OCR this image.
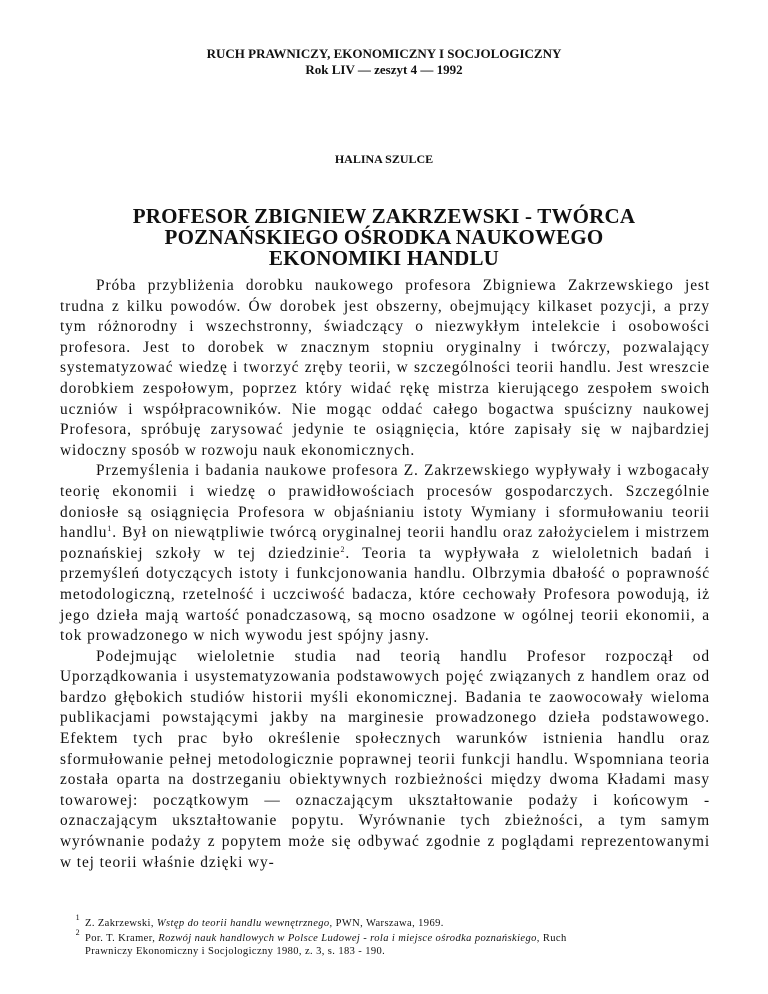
RUCH PRAWNICZY, EKONOMICZNY I SOCJOLOGICZNY
Rok LIV — zeszyt 4 — 1992
HALINA SZULCE
PROFESOR ZBIGNIEW ZAKRZEWSKI - TWÓRCA
POZNAŃSKIEGO OŚRODKA NAUKOWEGO
EKONOMIKI HANDLU

Próba przybliżenia dorobku naukowego profesora Zbigniewa Zakrzewskiego jest trudna z kilku powodów. Ów dorobek jest obszerny, obejmujący kilkaset pozycji, a przy tym różnorodny i wszechstronny, świadczący o niezwykłym intelekcie i osobowości profesora. Jest to dorobek w znacznym stopniu oryginalny i twórczy, pozwalający systematyzować wiedzę i tworzyć zręby teorii, w szczególności teorii handlu. Jest wreszcie dorobkiem zespołowym, poprzez który widać rękę mistrza kierującego zespołem swoich uczniów i współpracowników. Nie mogąc oddać całego bogactwa spuścizny naukowej Profesora, spróbuję zarysować jedynie te osiągnięcia, które zapisały się w najbardziej widoczny sposób w rozwoju nauk ekonomicznych.

Przemyślenia i badania naukowe profesora Z. Zakrzewskiego wypływały i wzbogacały teorię ekonomii i wiedzę o prawidłowościach procesów gospodarczych. Szczególnie doniosłe są osiągnięcia Profesora w objaśnianiu istoty Wymiany i sformułowaniu teorii handlu$^1$. Był on niewątpliwie twórcą oryginalnej teorii handlu oraz założycielem i mistrzem poznańskiej szkoły w tej dziedzinie$^2$. Teoria ta wypływała z wieloletnich badań i przemyśleń dotyczących istoty i funkcjonowania handlu. Olbrzymia dbałość o poprawność metodologiczną, rzetelność i uczciwość badacza, które cechowały Profesora powodują, iż jego dzieła mają wartość ponadczasową, są mocno osadzone w ogólnej teorii ekonomii, a tok prowadzonego w nich wywodu jest spójny jasny.

Podejmując wieloletnie studia nad teorią handlu Profesor rozpoczął od Uporządkowania i usystematyzowania podstawowych pojęć związanych z handlem oraz od bardzo głębokich studiów historii myśli ekonomicznej. Badania te zaowocowały wieloma publikacjami powstającymi jakby na marginesie prowadzonego dzieła podstawowego. Efektem tych prac było określenie społecznych warunków istnienia handlu oraz sformułowanie pełnej metodologicznie poprawnej teorii funkcji handlu. Wspomniana teoria została oparta na dostrzeganiu obiektywnych rozbieżności między dwoma Kładami masy towarowej: początkowym — oznaczającym ukształtowanie podaży i końcowym - oznaczającym ukształtowanie popytu. Wyrównanie tych zbieżności, a tym samym wyrównanie podaży z popytem może się odbywać zgodnie z poglądami reprezentowanymi w tej teorii właśnie dzięki wy-

$^1$Z. Zakrzewski, Wstęp do teorii handlu wewnętrznego, PWN, Warszawa, 1969.
$^2$Por. T. Kramer, Rozwój nauk handlowych w Polsce Ludowej - rola i miejsce ośrodka poznańskiego, Ruch
Prawniczy Ekonomiczny i Socjologiczny 1980, z. 3, s. 183 - 190.
